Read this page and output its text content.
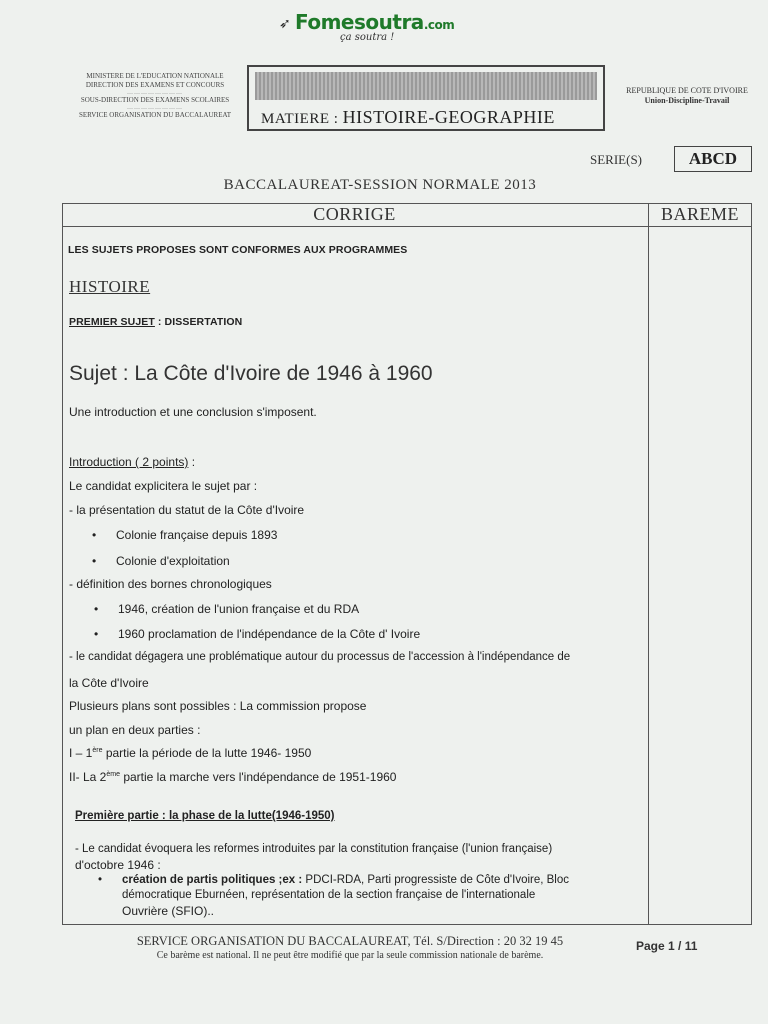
➶ Fomesoutra.com
ça soutra !
MINISTERE DE L'EDUCATION NATIONALE
DIRECTION DES EXAMENS ET CONCOURS
……………………
SOUS-DIRECTION DES EXAMENS SCOLAIRES
……………………
SERVICE ORGANISATION DU BACCALAUREAT	MATIERE : HISTOIRE-GEOGRAPHIE
REPUBLIQUE DE COTE D'IVOIRE
Union-Discipline-Travail
SERIE(S)	ABCD
BACCALAUREAT-SESSION NORMALE 2013
CORRIGE	BAREME
LES SUJETS PROPOSES SONT CONFORMES AUX PROGRAMMES
HISTOIRE
PREMIER SUJET : DISSERTATION
Sujet : La Côte d'Ivoire de 1946 à 1960
Une introduction et une conclusion s'imposent.
Introduction ( 2 points) :
Le candidat explicitera le sujet par :
- la présentation du statut de la Côte d'Ivoire
• Colonie française depuis 1893
• Colonie d'exploitation
- définition des bornes chronologiques
• 1946, création de l'union française et du RDA
• 1960 proclamation de l'indépendance de la Côte d' Ivoire
- le candidat dégagera une problématique autour du processus de l'accession à l'indépendance de
la Côte d'Ivoire
Plusieurs plans sont possibles : La commission propose
un plan en deux parties :
I – 1ère partie la période de la lutte 1946- 1950
II- La 2ème partie la marche vers l'indépendance de 1951-1960
Première partie : la phase de la lutte(1946-1950)
- Le candidat évoquera les reformes introduites par la constitution française (l'union française)
d'octobre 1946 :
• création de partis politiques ;ex : PDCI-RDA, Parti progressiste de Côte d'Ivoire, Bloc
démocratique Eburnéen, représentation de la section française de l'internationale
Ouvrière (SFIO)..
SERVICE ORGANISATION DU BACCALAUREAT, Tél. S/Direction : 20 32 19 45
Ce barème est national. Il ne peut être modifié que par la seule commission nationale de barème.
Page 1 / 11
